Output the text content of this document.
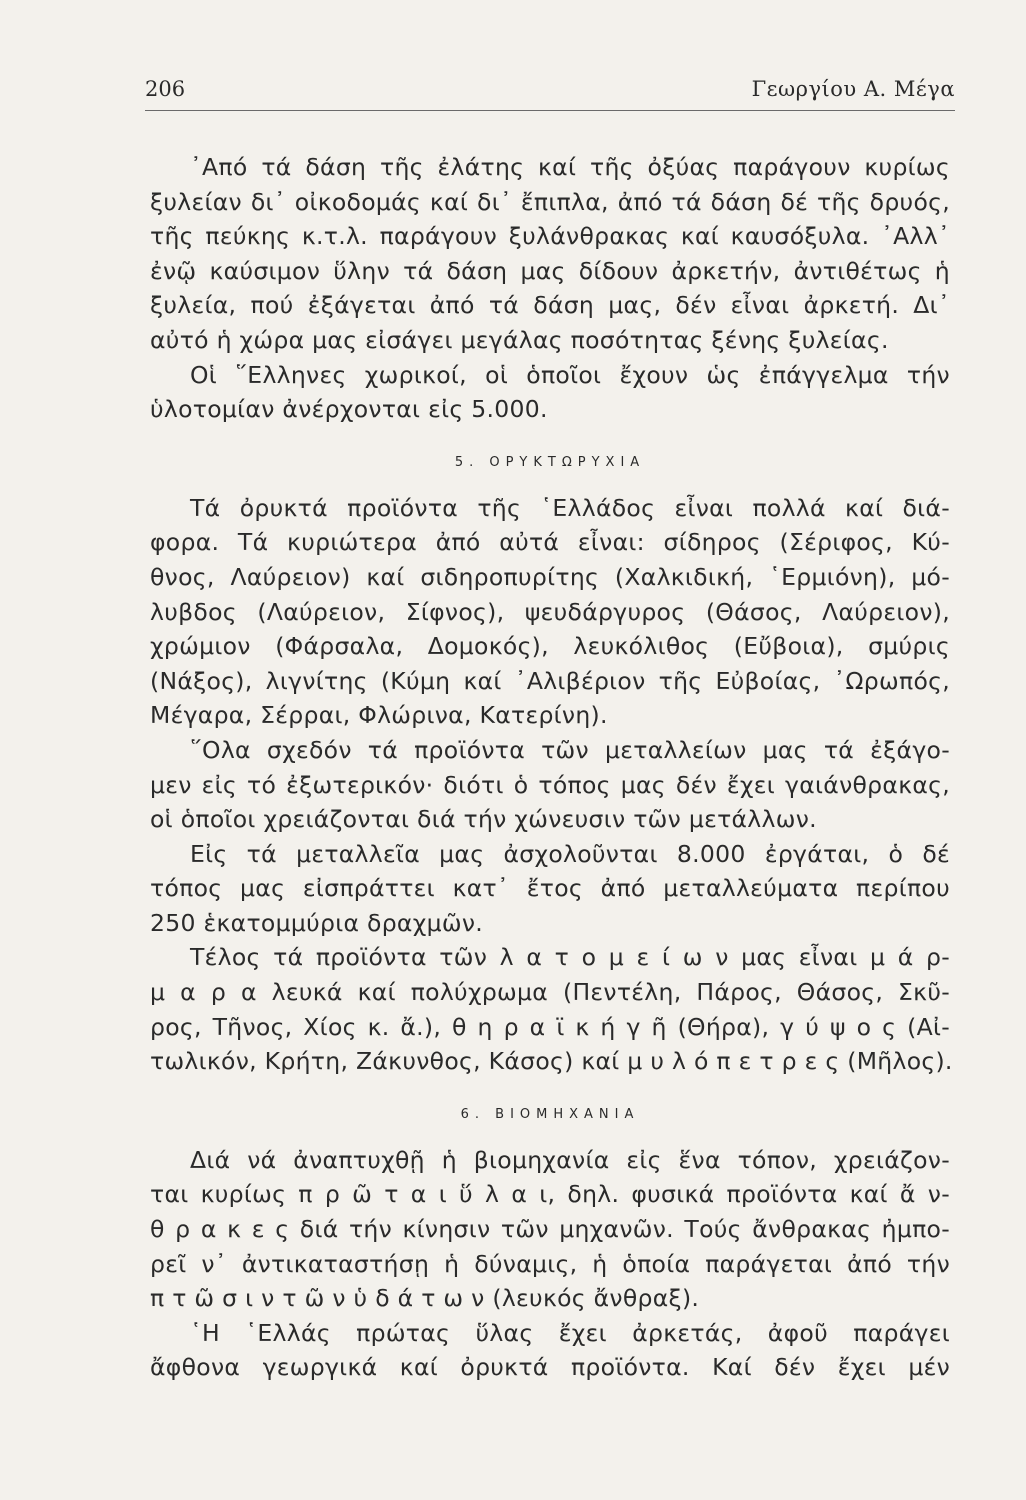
206	Γεωργίου Α. Μέγα
᾿Από τά δάση τῆς ἐλάτης καί τῆς ὀξύας παράγουν κυρίως
ξυλείαν δι᾿ οἰκοδομάς καί δι᾿ ἔπιπλα, ἀπό τά δάση δέ τῆς δρυός,
τῆς πεύκης κ.τ.λ. παράγουν ξυλάνθρακας καί καυσόξυλα. ᾿Αλλ᾿
ἐνῷ καύσιμον ὕλην τά δάση μας δίδουν ἀρκετήν, ἀντιθέτως ἡ
ξυλεία, πού ἐξάγεται ἀπό τά δάση μας, δέν εἶναι ἀρκετή. Δι᾿
αὐτό ἡ χώρα μας εἰσάγει μεγάλας ποσότητας ξένης ξυλείας.
Οἱ ῞Ελληνες χωρικοί, οἱ ὁποῖοι ἔχουν ὡς ἐπάγγελμα τήν
ὑλοτομίαν ἀνέρχονται εἰς 5.000.
5. ΟΡΥΚΤΩΡΥΧΙΑ
Τά ὀρυκτά προϊόντα τῆς ῾Ελλάδος εἶναι πολλά καί διά-
φορα. Τά κυριώτερα ἀπό αὐτά εἶναι: σίδηρος (Σέριφος, Κύ-
θνος, Λαύρειον) καί σιδηροπυρίτης (Χαλκιδική, ῾Ερμιόνη), μό-
λυβδος (Λαύρειον, Σίφνος), ψευδάργυρος (Θάσος, Λαύρειον),
χρώμιον (Φάρσαλα, Δομοκός), λευκόλιθος (Εὔβοια), σμύρις
(Νάξος), λιγνίτης (Κύμη καί ᾿Αλιβέριον τῆς Εὐβοίας, ᾿Ωρωπός,
Μέγαρα, Σέρραι, Φλώρινα, Κατερίνη).
῞Ολα σχεδόν τά προϊόντα τῶν μεταλλείων μας τά ἐξάγο-
μεν εἰς τό ἐξωτερικόν· διότι ὁ τόπος μας δέν ἔχει γαιάνθρακας,
οἱ ὁποῖοι χρειάζονται διά τήν χώνευσιν τῶν μετάλλων.
Εἰς τά μεταλλεῖα μας ἀσχολοῦνται 8.000 ἐργάται, ὁ δέ
τόπος μας εἰσπράττει κατ᾿ ἔτος ἀπό μεταλλεύματα περίπου
250 ἑκατομμύρια δραχμῶν.
Τέλος τά προϊόντα τῶν λ α τ ο μ ε ί ω ν μας εἶναι μ ά ρ-
μ α ρ α λευκά καί πολύχρωμα (Πεντέλη, Πάρος, Θάσος, Σκῦ-
ρος, Τῆνος, Χίος κ. ἄ.), θ η ρ α ϊ κ ή γ ῆ (Θήρα), γ ύ ψ ο ς (Αἰ-
τωλικόν, Κρήτη, Ζάκυνθος, Κάσος) καί μ υ λ ό π ε τ ρ ε ς (Μῆλος).
6. ΒΙΟΜΗΧΑΝΙΑ
Διά νά ἀναπτυχθῇ ἡ βιομηχανία εἰς ἕνα τόπον, χρειάζον-
ται κυρίως π ρ ῶ τ α ι ὕ λ α ι, δηλ. φυσικά προϊόντα καί ἄ ν-
θ ρ α κ ε ς διά τήν κίνησιν τῶν μηχανῶν. Τούς ἄνθρακας ἠμπο-
ρεῖ ν᾿ ἀντικαταστήσῃ ἡ δύναμις, ἡ ὁποία παράγεται ἀπό τήν
π τ ῶ σ ι ν τ ῶ ν ὑ δ ά τ ω ν (λευκός ἄνθραξ).
῾Η ῾Ελλάς πρώτας ὕλας ἔχει ἀρκετάς, ἀφοῦ παράγει
ἄφθονα γεωργικά καί ὀρυκτά προϊόντα. Καί δέν ἔχει μέν
